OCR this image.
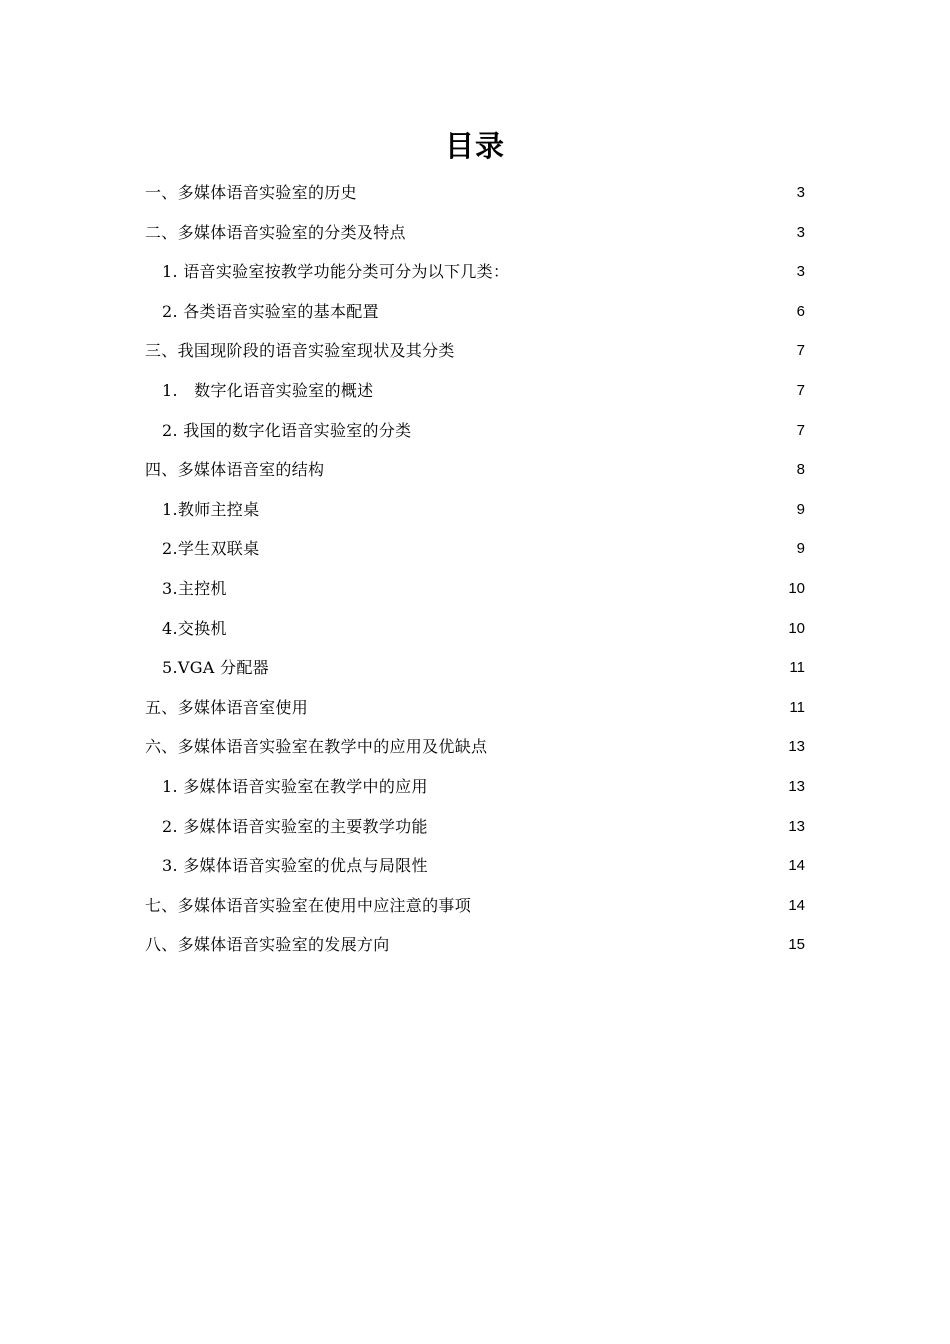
目录
一、多媒体语音实验室的历史	3
二、多媒体语音实验室的分类及特点	3
1. 语音实验室按教学功能分类可分为以下几类：	3
2. 各类语音实验室的基本配置	6
三、我国现阶段的语音实验室现状及其分类	7
1.　数字化语音实验室的概述	7
2. 我国的数字化语音实验室的分类	7
四、多媒体语音室的结构	8
1.教师主控桌	9
2.学生双联桌	9
3.主控机	10
4.交换机	10
5.VGA 分配器	11
五、多媒体语音室使用	11
六、多媒体语音实验室在教学中的应用及优缺点	13
1. 多媒体语音实验室在教学中的应用	13
2. 多媒体语音实验室的主要教学功能	13
3. 多媒体语音实验室的优点与局限性	14
七、多媒体语音实验室在使用中应注意的事项	14
八、多媒体语音实验室的发展方向	15
